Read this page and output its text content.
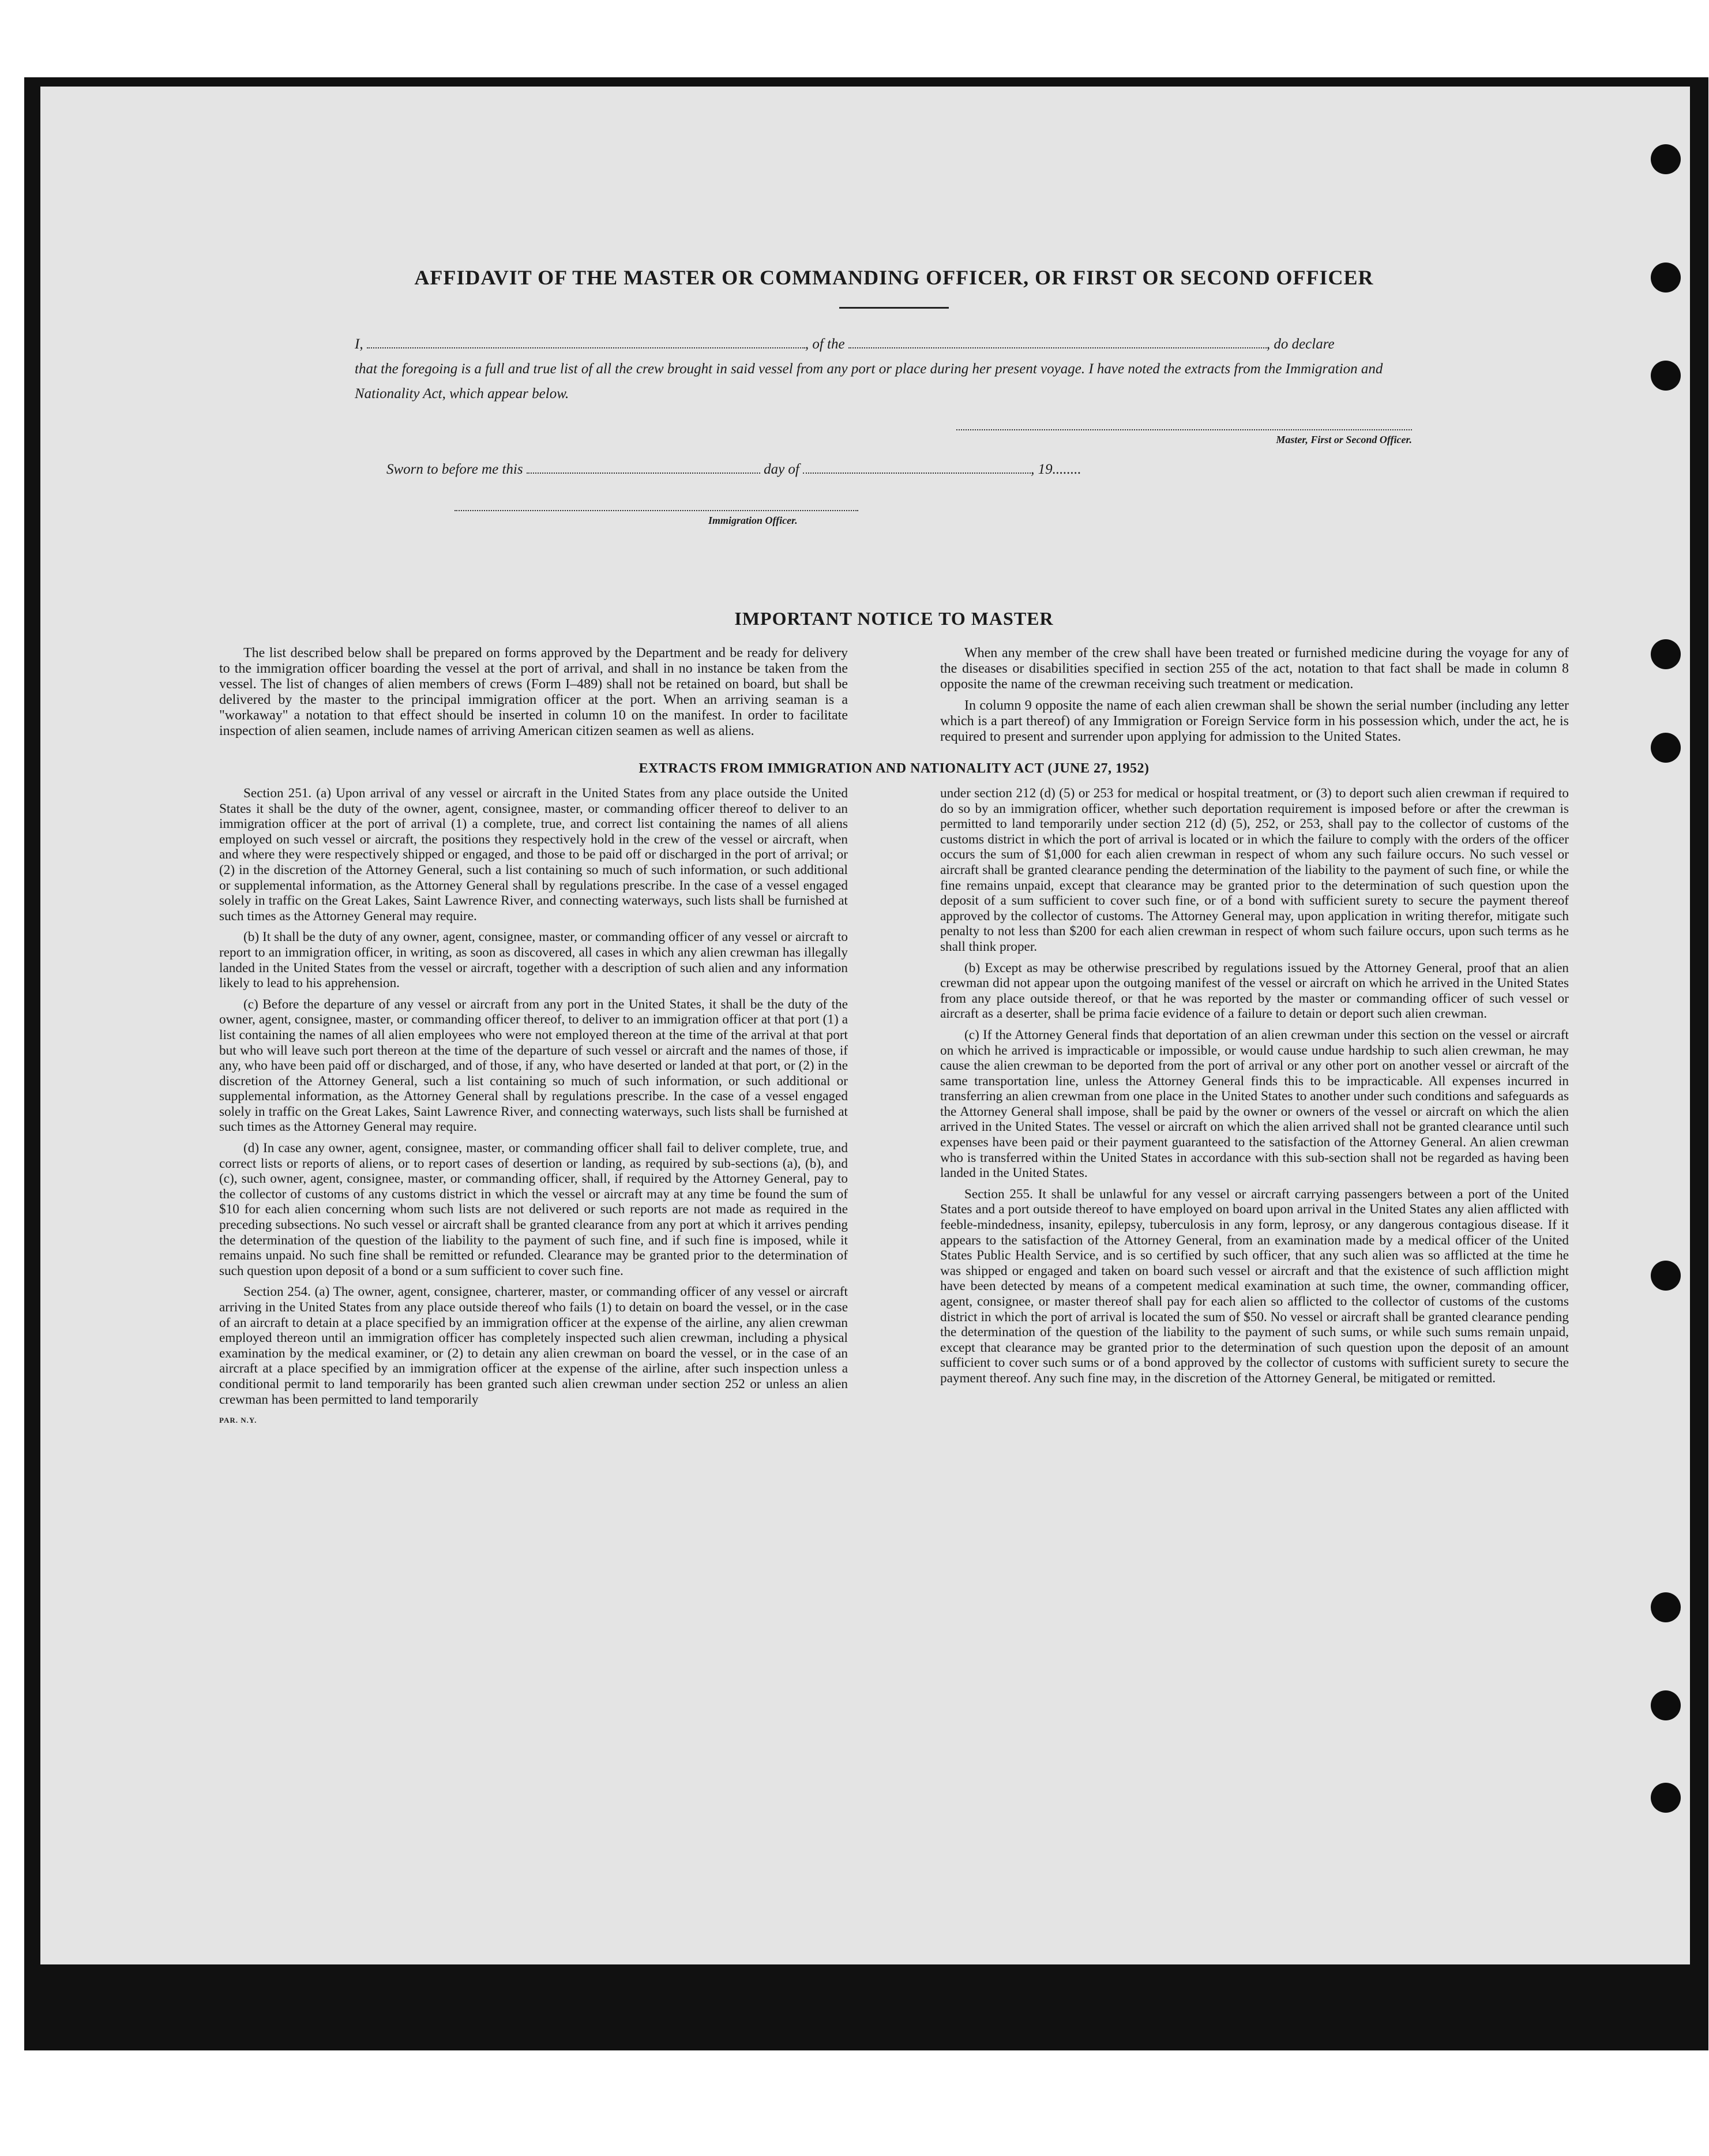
AFFIDAVIT OF THE MASTER OR COMMANDING OFFICER, OR FIRST OR SECOND OFFICER
I,	, of the	, do declare
that the foregoing is a full and true list of all the crew brought in said vessel from any port or place during her present voyage. I have noted the extracts from the Immigration and Nationality Act, which appear below.
Master, First or Second Officer.
Sworn to before me this	day of	, 19........
Immigration Officer.
IMPORTANT NOTICE TO MASTER

The list described below shall be prepared on forms approved by the Department and be ready for delivery to the immigration officer boarding the vessel at the port of arrival, and shall in no instance be taken from the vessel. The list of changes of alien members of crews (Form I–489) shall not be retained on board, but shall be delivered by the master to the principal immigration officer at the port. When an arriving seaman is a "workaway" a notation to that effect should be inserted in column 10 on the manifest. In order to facilitate inspection of alien seamen, include names of arriving American citizen seamen as well as aliens.

When any member of the crew shall have been treated or furnished medicine during the voyage for any of the diseases or disabilities specified in section 255 of the act, notation to that fact shall be made in column 8 opposite the name of the crewman receiving such treatment or medication.

In column 9 opposite the name of each alien crewman shall be shown the serial number (including any letter which is a part thereof) of any Immigration or Foreign Service form in his possession which, under the act, he is required to present and surrender upon applying for admission to the United States.

EXTRACTS FROM IMMIGRATION AND NATIONALITY ACT (JUNE 27, 1952)

Section 251. (a) Upon arrival of any vessel or aircraft in the United States from any place outside the United States it shall be the duty of the owner, agent, consignee, master, or commanding officer thereof to deliver to an immigration officer at the port of arrival (1) a complete, true, and correct list containing the names of all aliens employed on such vessel or aircraft, the positions they respectively hold in the crew of the vessel or aircraft, when and where they were respectively shipped or engaged, and those to be paid off or discharged in the port of arrival; or (2) in the discretion of the Attorney General, such a list containing so much of such information, or such additional or supplemental information, as the Attorney General shall by regulations prescribe. In the case of a vessel engaged solely in traffic on the Great Lakes, Saint Lawrence River, and connecting waterways, such lists shall be furnished at such times as the Attorney General may require.

(b) It shall be the duty of any owner, agent, consignee, master, or commanding officer of any vessel or aircraft to report to an immigration officer, in writing, as soon as discovered, all cases in which any alien crewman has illegally landed in the United States from the vessel or aircraft, together with a description of such alien and any information likely to lead to his apprehension.

(c) Before the departure of any vessel or aircraft from any port in the United States, it shall be the duty of the owner, agent, consignee, master, or commanding officer thereof, to deliver to an immigration officer at that port (1) a list containing the names of all alien employees who were not employed thereon at the time of the arrival at that port but who will leave such port thereon at the time of the departure of such vessel or aircraft and the names of those, if any, who have been paid off or discharged, and of those, if any, who have deserted or landed at that port, or (2) in the discretion of the Attorney General, such a list containing so much of such information, or such additional or supplemental information, as the Attorney General shall by regulations prescribe. In the case of a vessel engaged solely in traffic on the Great Lakes, Saint Lawrence River, and connecting waterways, such lists shall be furnished at such times as the Attorney General may require.

(d) In case any owner, agent, consignee, master, or commanding officer shall fail to deliver complete, true, and correct lists or reports of aliens, or to report cases of desertion or landing, as required by sub-sections (a), (b), and (c), such owner, agent, consignee, master, or commanding officer, shall, if required by the Attorney General, pay to the collector of customs of any customs district in which the vessel or aircraft may at any time be found the sum of $10 for each alien concerning whom such lists are not delivered or such reports are not made as required in the preceding subsections. No such vessel or aircraft shall be granted clearance from any port at which it arrives pending the determination of the question of the liability to the payment of such fine, and if such fine is imposed, while it remains unpaid. No such fine shall be remitted or refunded. Clearance may be granted prior to the determination of such question upon deposit of a bond or a sum sufficient to cover such fine.

Section 254. (a) The owner, agent, consignee, charterer, master, or commanding officer of any vessel or aircraft arriving in the United States from any place outside thereof who fails (1) to detain on board the vessel, or in the case of an aircraft to detain at a place specified by an immigration officer at the expense of the airline, any alien crewman employed thereon until an immigration officer has completely inspected such alien crewman, including a physical examination by the medical examiner, or (2) to detain any alien crewman on board the vessel, or in the case of an aircraft at a place specified by an immigration officer at the expense of the airline, after such inspection unless a conditional permit to land temporarily has been granted such alien crewman under section 252 or unless an alien crewman has been permitted to land temporarily

PAR. N.Y.

under section 212 (d) (5) or 253 for medical or hospital treatment, or (3) to deport such alien crewman if required to do so by an immigration officer, whether such deportation requirement is imposed before or after the crewman is permitted to land temporarily under section 212 (d) (5), 252, or 253, shall pay to the collector of customs of the customs district in which the port of arrival is located or in which the failure to comply with the orders of the officer occurs the sum of $1,000 for each alien crewman in respect of whom any such failure occurs. No such vessel or aircraft shall be granted clearance pending the determination of the liability to the payment of such fine, or while the fine remains unpaid, except that clearance may be granted prior to the determination of such question upon the deposit of a sum sufficient to cover such fine, or of a bond with sufficient surety to secure the payment thereof approved by the collector of customs. The Attorney General may, upon application in writing therefor, mitigate such penalty to not less than $200 for each alien crewman in respect of whom such failure occurs, upon such terms as he shall think proper.

(b) Except as may be otherwise prescribed by regulations issued by the Attorney General, proof that an alien crewman did not appear upon the outgoing manifest of the vessel or aircraft on which he arrived in the United States from any place outside thereof, or that he was reported by the master or commanding officer of such vessel or aircraft as a deserter, shall be prima facie evidence of a failure to detain or deport such alien crewman.

(c) If the Attorney General finds that deportation of an alien crewman under this section on the vessel or aircraft on which he arrived is impracticable or impossible, or would cause undue hardship to such alien crewman, he may cause the alien crewman to be deported from the port of arrival or any other port on another vessel or aircraft of the same transportation line, unless the Attorney General finds this to be impracticable. All expenses incurred in transferring an alien crewman from one place in the United States to another under such conditions and safeguards as the Attorney General shall impose, shall be paid by the owner or owners of the vessel or aircraft on which the alien arrived in the United States. The vessel or aircraft on which the alien arrived shall not be granted clearance until such expenses have been paid or their payment guaranteed to the satisfaction of the Attorney General. An alien crewman who is transferred within the United States in accordance with this sub-section shall not be regarded as having been landed in the United States.

Section 255. It shall be unlawful for any vessel or aircraft carrying passengers between a port of the United States and a port outside thereof to have employed on board upon arrival in the United States any alien afflicted with feeble-mindedness, insanity, epilepsy, tuberculosis in any form, leprosy, or any dangerous contagious disease. If it appears to the satisfaction of the Attorney General, from an examination made by a medical officer of the United States Public Health Service, and is so certified by such officer, that any such alien was so afflicted at the time he was shipped or engaged and taken on board such vessel or aircraft and that the existence of such affliction might have been detected by means of a competent medical examination at such time, the owner, commanding officer, agent, consignee, or master thereof shall pay for each alien so afflicted to the collector of customs of the customs district in which the port of arrival is located the sum of $50. No vessel or aircraft shall be granted clearance pending the determination of the question of the liability to the payment of such sums, or while such sums remain unpaid, except that clearance may be granted prior to the determination of such question upon the deposit of an amount sufficient to cover such sums or of a bond approved by the collector of customs with sufficient surety to secure the payment thereof. Any such fine may, in the discretion of the Attorney General, be mitigated or remitted.
